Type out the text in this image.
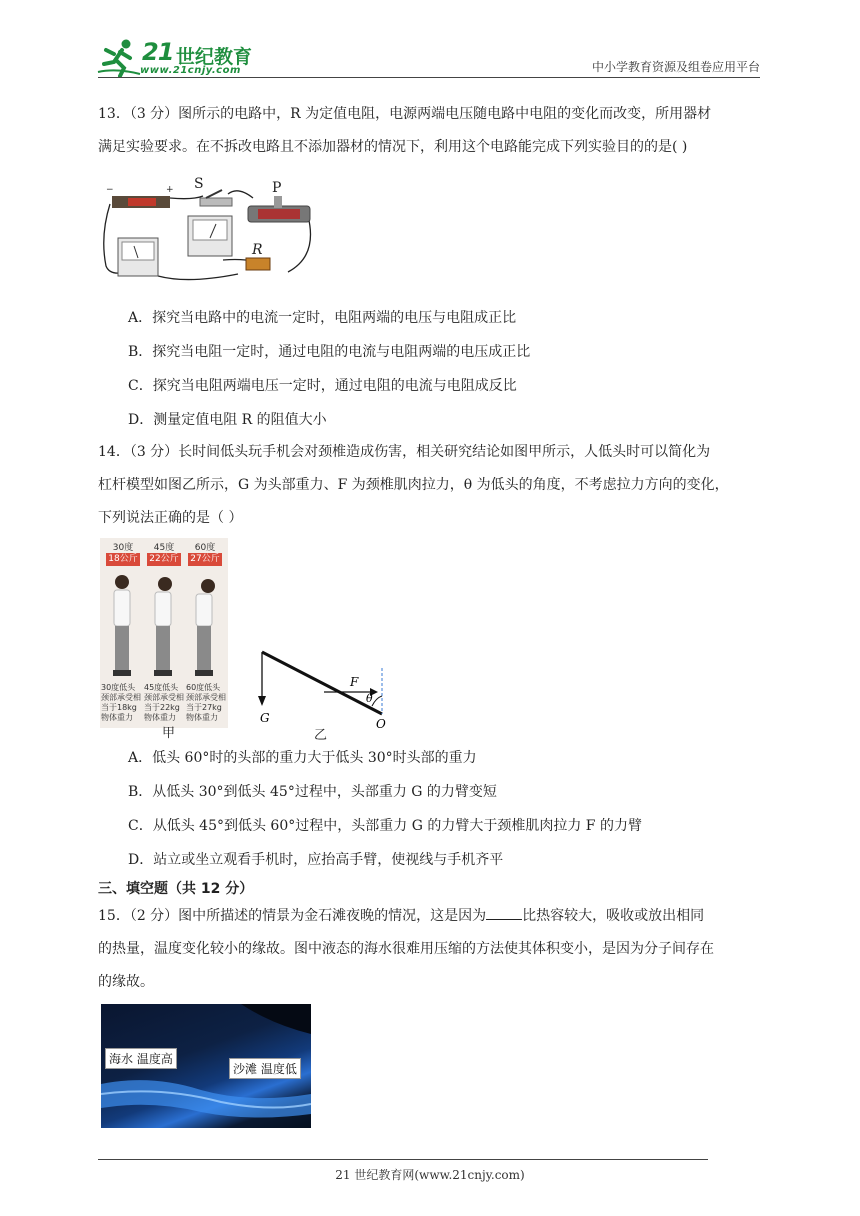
21 世纪教育
www.21cnjy.com	中小学教育资源及组卷应用平台
13．（3 分）图所示的电路中，R 为定值电阻，电源两端电压随电路中电阻的变化而改变，所用器材
满足实验要求。在不拆改电路且不添加器材的情况下，利用这个电路能完成下列实验目的的是( )
−	+ S	P
R
A．探究当电路中的电流一定时，电阻两端的电压与电阻成正比
B．探究当电阻一定时，通过电阻的电流与电阻两端的电压成正比
C．探究当电阻两端电压一定时，通过电阻的电流与电阻成反比
D．测量定值电阻 R 的阻值大小
14．（3 分）长时间低头玩手机会对颈椎造成伤害，相关研究结论如图甲所示，人低头时可以简化为
杠杆模型如图乙所示，G 为头部重力、F 为颈椎肌肉拉力，θ 为低头的角度，不考虑拉力方向的变化，
下列说法正确的是（ ）
30度	45度	60度
18公斤 22公斤 27公斤
30度低头颈部承受相当于18kg物体重力
45度低头颈部承受相当于22kg物体重力
60度低头颈部承受相当于27kg物体重力
甲
G
F
θ
O
乙
A．低头 60°时的头部的重力大于低头 30°时头部的重力
B．从低头 30°到低头 45°过程中，头部重力 G 的力臂变短
C．从低头 45°到低头 60°过程中，头部重力 G 的力臂大于颈椎肌肉拉力 F 的力臂
D．站立或坐立观看手机时，应抬高手臂，使视线与手机齐平
三、填空题（共 12 分）
15．（2 分）图中所描述的情景为金石滩夜晚的情况，这是因为	比热容较大，吸收或放出相同
的热量，温度变化较小的缘故。图中液态的海水很难用压缩的方法使其体积变小，是因为分子间存在
的缘故。
海水 温度高
沙滩 温度低
21 世纪教育网(www.21cnjy.com)
